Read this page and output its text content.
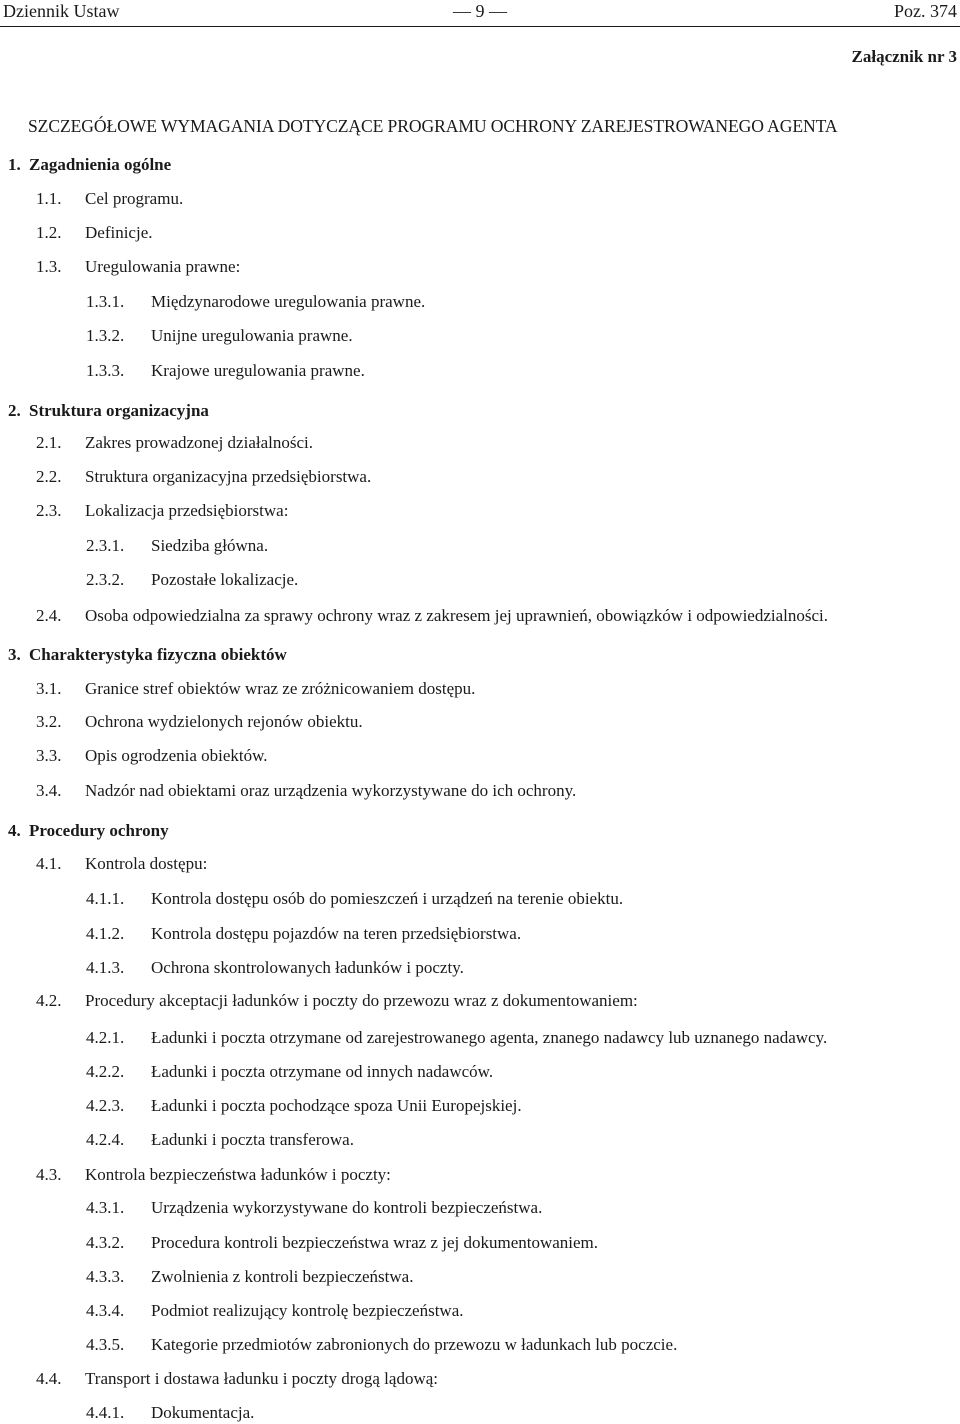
Dziennik Ustaw	— 9 —	Poz. 374
Załącznik nr 3
SZCZEGÓŁOWE WYMAGANIA DOTYCZĄCE PROGRAMU OCHRONY ZAREJESTROWANEGO AGENTA
1. Zagadnienia ogólne
1.1. Cel programu.
1.2. Definicje.
1.3. Uregulowania prawne:
1.3.1. Międzynarodowe uregulowania prawne.
1.3.2. Unijne uregulowania prawne.
1.3.3. Krajowe uregulowania prawne.
2. Struktura organizacyjna
2.1. Zakres prowadzonej działalności.
2.2. Struktura organizacyjna przedsiębiorstwa.
2.3. Lokalizacja przedsiębiorstwa:
2.3.1. Siedziba główna.
2.3.2. Pozostałe lokalizacje.
2.4. Osoba odpowiedzialna za sprawy ochrony wraz z zakresem jej uprawnień, obowiązków i odpowiedzialności.
3. Charakterystyka fizyczna obiektów
3.1. Granice stref obiektów wraz ze zróżnicowaniem dostępu.
3.2. Ochrona wydzielonych rejonów obiektu.
3.3. Opis ogrodzenia obiektów.
3.4. Nadzór nad obiektami oraz urządzenia wykorzystywane do ich ochrony.
4. Procedury ochrony
4.1. Kontrola dostępu:
4.1.1. Kontrola dostępu osób do pomieszczeń i urządzeń na terenie obiektu.
4.1.2. Kontrola dostępu pojazdów na teren przedsiębiorstwa.
4.1.3. Ochrona skontrolowanych ładunków i poczty.
4.2. Procedury akceptacji ładunków i poczty do przewozu wraz z dokumentowaniem:
4.2.1. Ładunki i poczta otrzymane od zarejestrowanego agenta, znanego nadawcy lub uznanego nadawcy.
4.2.2. Ładunki i poczta otrzymane od innych nadawców.
4.2.3. Ładunki i poczta pochodzące spoza Unii Europejskiej.
4.2.4. Ładunki i poczta transferowa.
4.3. Kontrola bezpieczeństwa ładunków i poczty:
4.3.1. Urządzenia wykorzystywane do kontroli bezpieczeństwa.
4.3.2. Procedura kontroli bezpieczeństwa wraz z jej dokumentowaniem.
4.3.3. Zwolnienia z kontroli bezpieczeństwa.
4.3.4. Podmiot realizujący kontrolę bezpieczeństwa.
4.3.5. Kategorie przedmiotów zabronionych do przewozu w ładunkach lub poczcie.
4.4. Transport i dostawa ładunku i poczty drogą lądową:
4.4.1. Dokumentacja.
